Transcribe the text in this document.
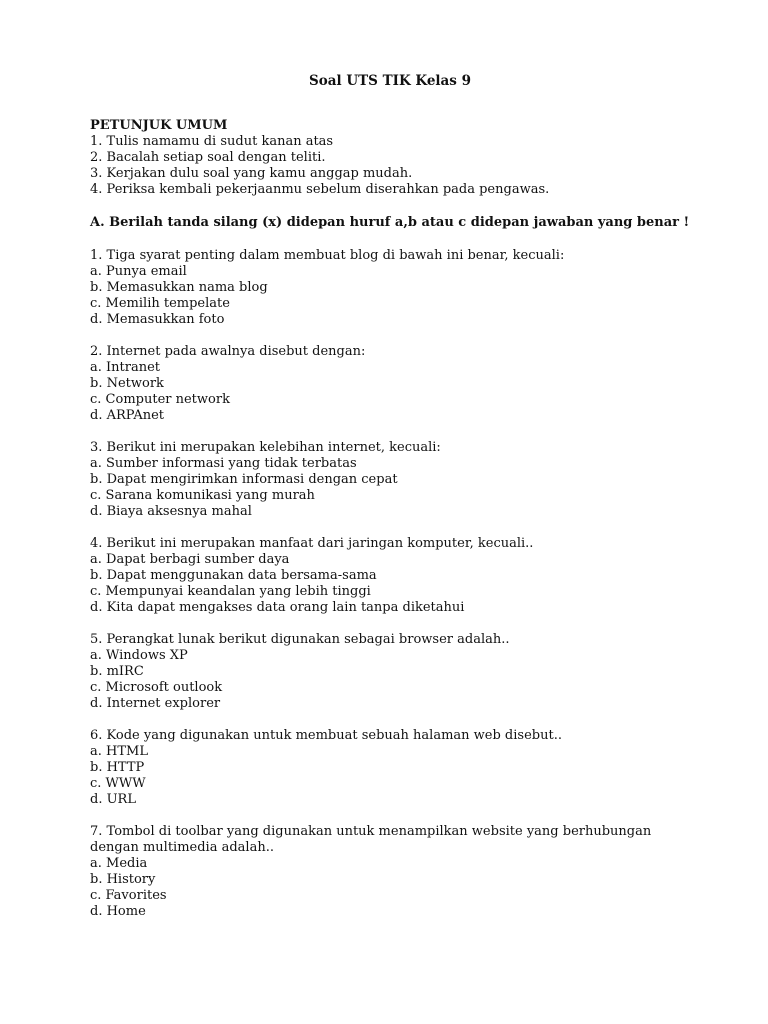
Soal UTS TIK Kelas 9
PETUNJUK UMUM
1. Tulis namamu di sudut kanan atas
2. Bacalah setiap soal dengan teliti.
3. Kerjakan dulu soal yang kamu anggap mudah.
4. Periksa kembali pekerjaanmu sebelum diserahkan pada pengawas.
A. Berilah tanda silang (x) didepan huruf a,b atau c didepan jawaban yang benar !
1. Tiga syarat penting dalam membuat blog di bawah ini benar, kecuali:
a. Punya email
b. Memasukkan nama blog
c. Memilih tempelate
d. Memasukkan foto
2. Internet pada awalnya disebut dengan:
a. Intranet
b. Network
c. Computer network
d. ARPAnet
3. Berikut ini merupakan kelebihan internet, kecuali:
a. Sumber informasi yang tidak terbatas
b. Dapat mengirimkan informasi dengan cepat
c. Sarana komunikasi yang murah
d. Biaya aksesnya mahal
4. Berikut ini merupakan manfaat dari jaringan komputer, kecuali..
a. Dapat berbagi sumber daya
b. Dapat menggunakan data bersama-sama
c. Mempunyai keandalan yang lebih tinggi
d. Kita dapat mengakses data orang lain tanpa diketahui
5. Perangkat lunak berikut digunakan sebagai browser adalah..
a. Windows XP
b. mIRC
c. Microsoft outlook
d. Internet explorer
6. Kode yang digunakan untuk membuat sebuah halaman web disebut..
a. HTML
b. HTTP
c. WWW
d. URL
7. Tombol di toolbar yang digunakan untuk menampilkan website yang berhubungan dengan multimedia adalah..
a. Media
b. History
c. Favorites
d. Home
